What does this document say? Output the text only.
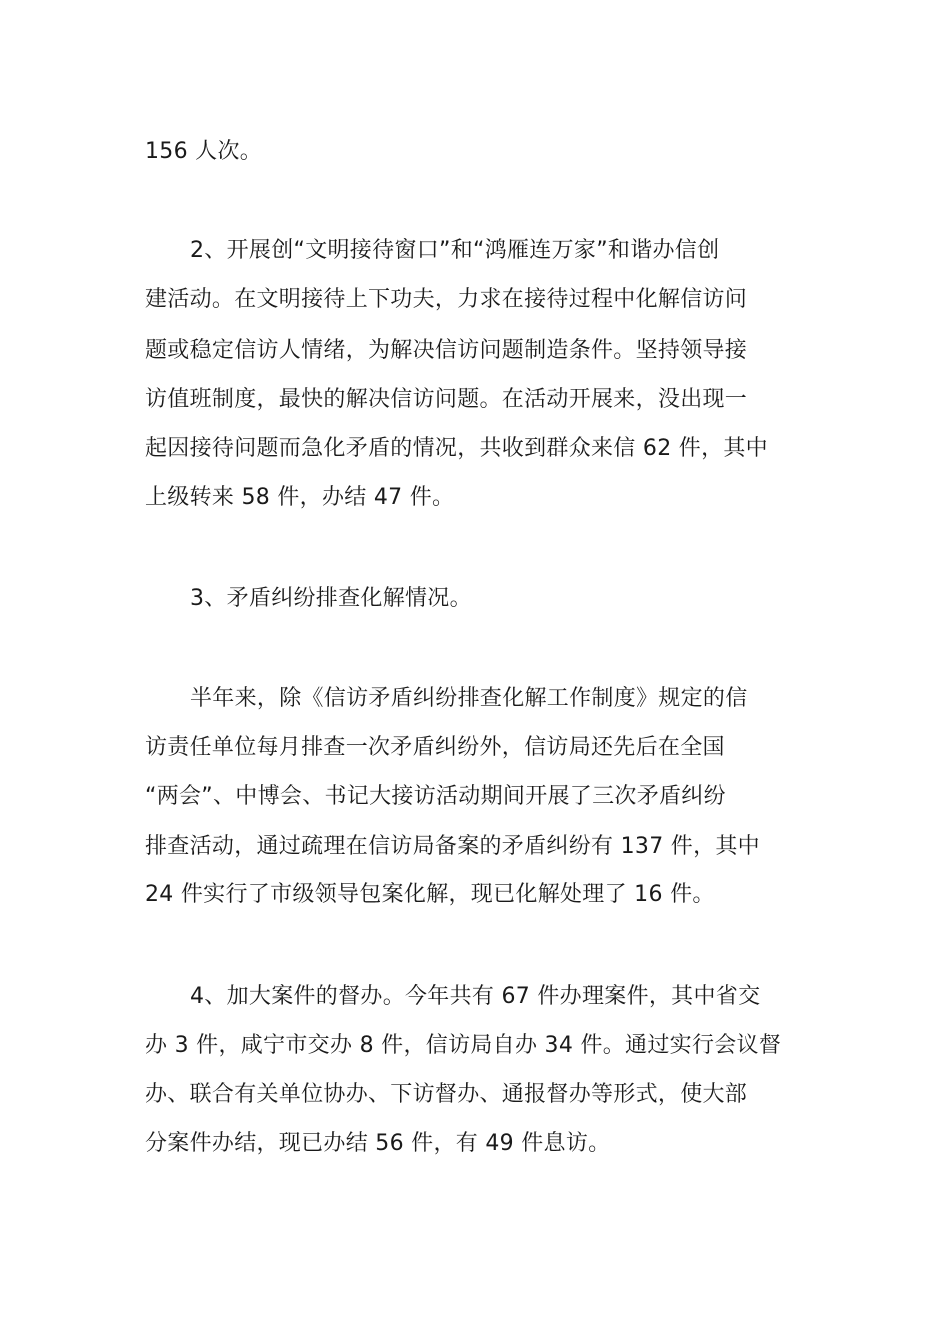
156 人次。
2、开展创“文明接待窗口”和“鸿雁连万家”和谐办信创
建活动。在文明接待上下功夫，力求在接待过程中化解信访问
题或稳定信访人情绪，为解决信访问题制造条件。坚持领导接
访值班制度，最快的解决信访问题。在活动开展来，没出现一
起因接待问题而急化矛盾的情况，共收到群众来信 62 件，其中
上级转来 58 件，办结 47 件。
3、矛盾纠纷排查化解情况。
半年来，除《信访矛盾纠纷排查化解工作制度》规定的信
访责任单位每月排查一次矛盾纠纷外，信访局还先后在全国
“两会”、中博会、书记大接访活动期间开展了三次矛盾纠纷
排查活动，通过疏理在信访局备案的矛盾纠纷有 137 件，其中
24 件实行了市级领导包案化解，现已化解处理了 16 件。
4、加大案件的督办。今年共有 67 件办理案件，其中省交
办 3 件，咸宁市交办 8 件，信访局自办 34 件。通过实行会议督
办、联合有关单位协办、下访督办、通报督办等形式，使大部
分案件办结，现已办结 56 件，有 49 件息访。
